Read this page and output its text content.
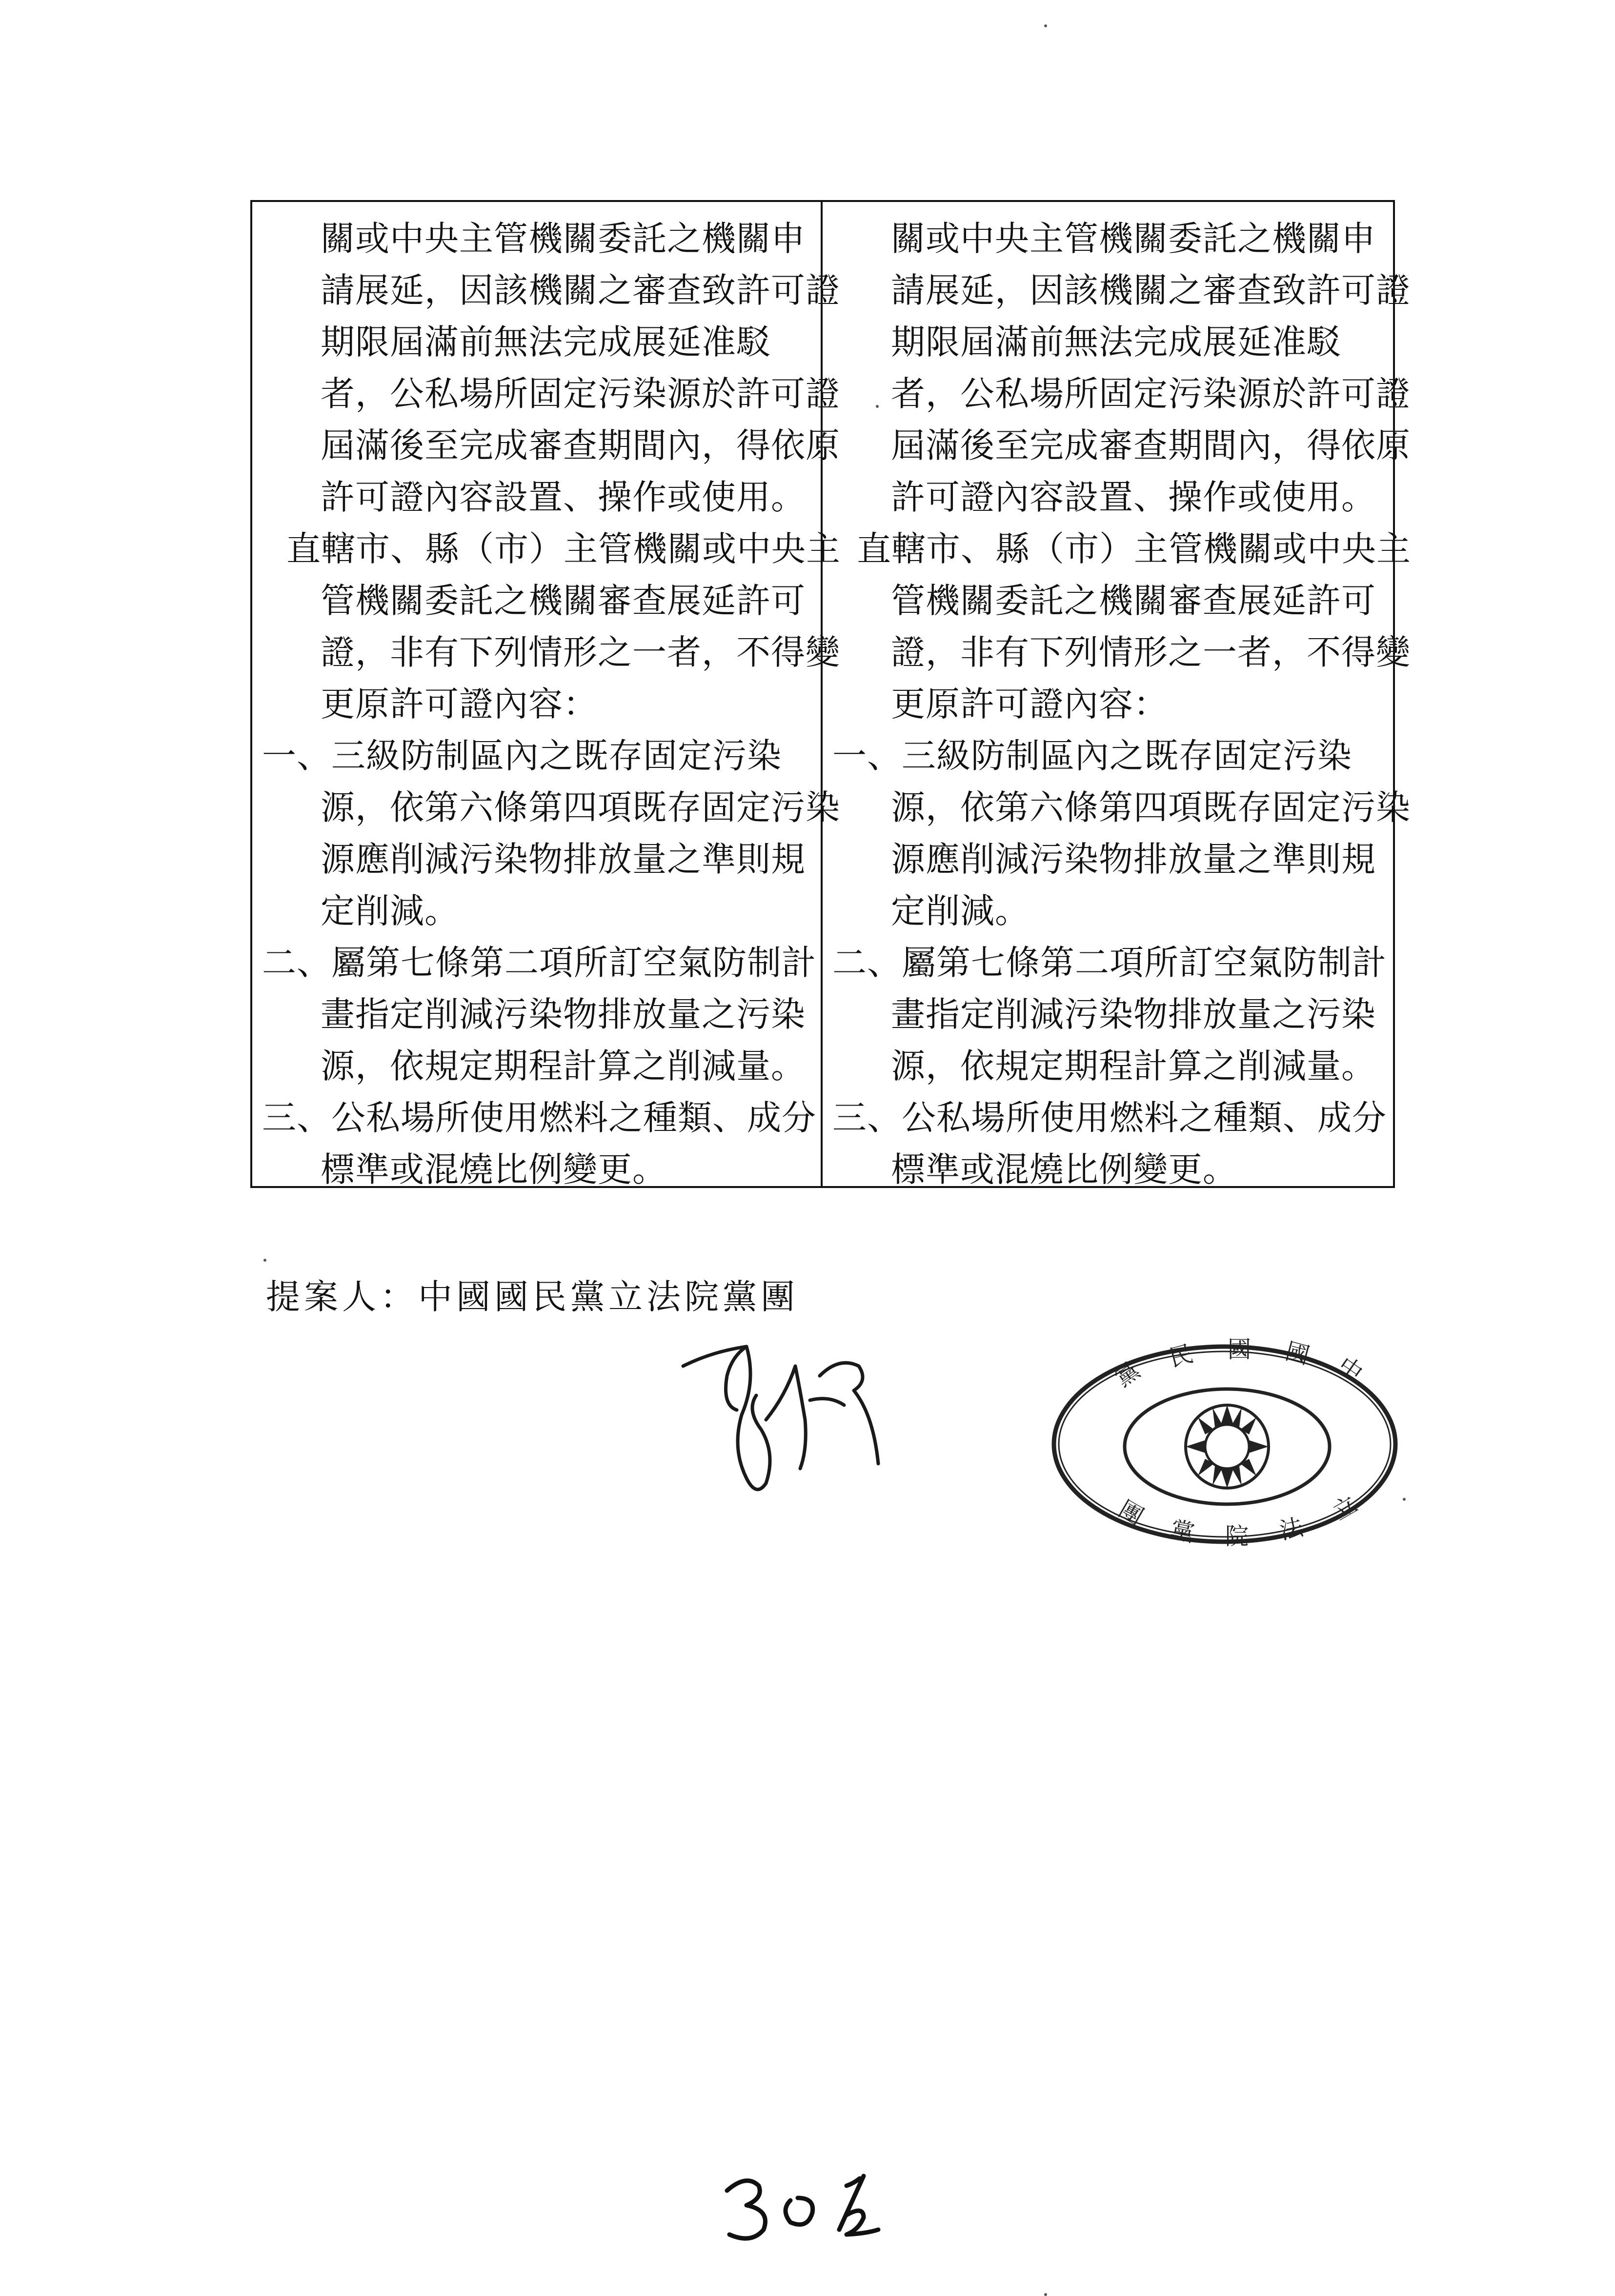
關或中央主管機關委託之機關申
請展延，因該機關之審查致許可證
期限屆滿前無法完成展延准駁
者，公私場所固定污染源於許可證
屆滿後至完成審查期間內，得依原
許可證內容設置、操作或使用。
直轄市、縣（市）主管機關或中央主
管機關委託之機關審查展延許可
證，非有下列情形之一者，不得變
更原許可證內容：
一、三級防制區內之既存固定污染
源，依第六條第四項既存固定污染
源應削減污染物排放量之準則規
定削減。
二、屬第七條第二項所訂空氣防制計
畫指定削減污染物排放量之污染
源，依規定期程計算之削減量。
三、公私場所使用燃料之種類、成分
標準或混燒比例變更。
關或中央主管機關委託之機關申
請展延，因該機關之審查致許可證
期限屆滿前無法完成展延准駁
者，公私場所固定污染源於許可證
屆滿後至完成審查期間內，得依原
許可證內容設置、操作或使用。
直轄市、縣（市）主管機關或中央主
管機關委託之機關審查展延許可
證，非有下列情形之一者，不得變
更原許可證內容：
一、三級防制區內之既存固定污染
源，依第六條第四項既存固定污染
源應削減污染物排放量之準則規
定削減。
二、屬第七條第二項所訂空氣防制計
畫指定削減污染物排放量之污染
源，依規定期程計算之削減量。
三、公私場所使用燃料之種類、成分
標準或混燒比例變更。
提案人：中國國民黨立法院黨團
中
國
國
民
黨
立
法
院
黨
團
